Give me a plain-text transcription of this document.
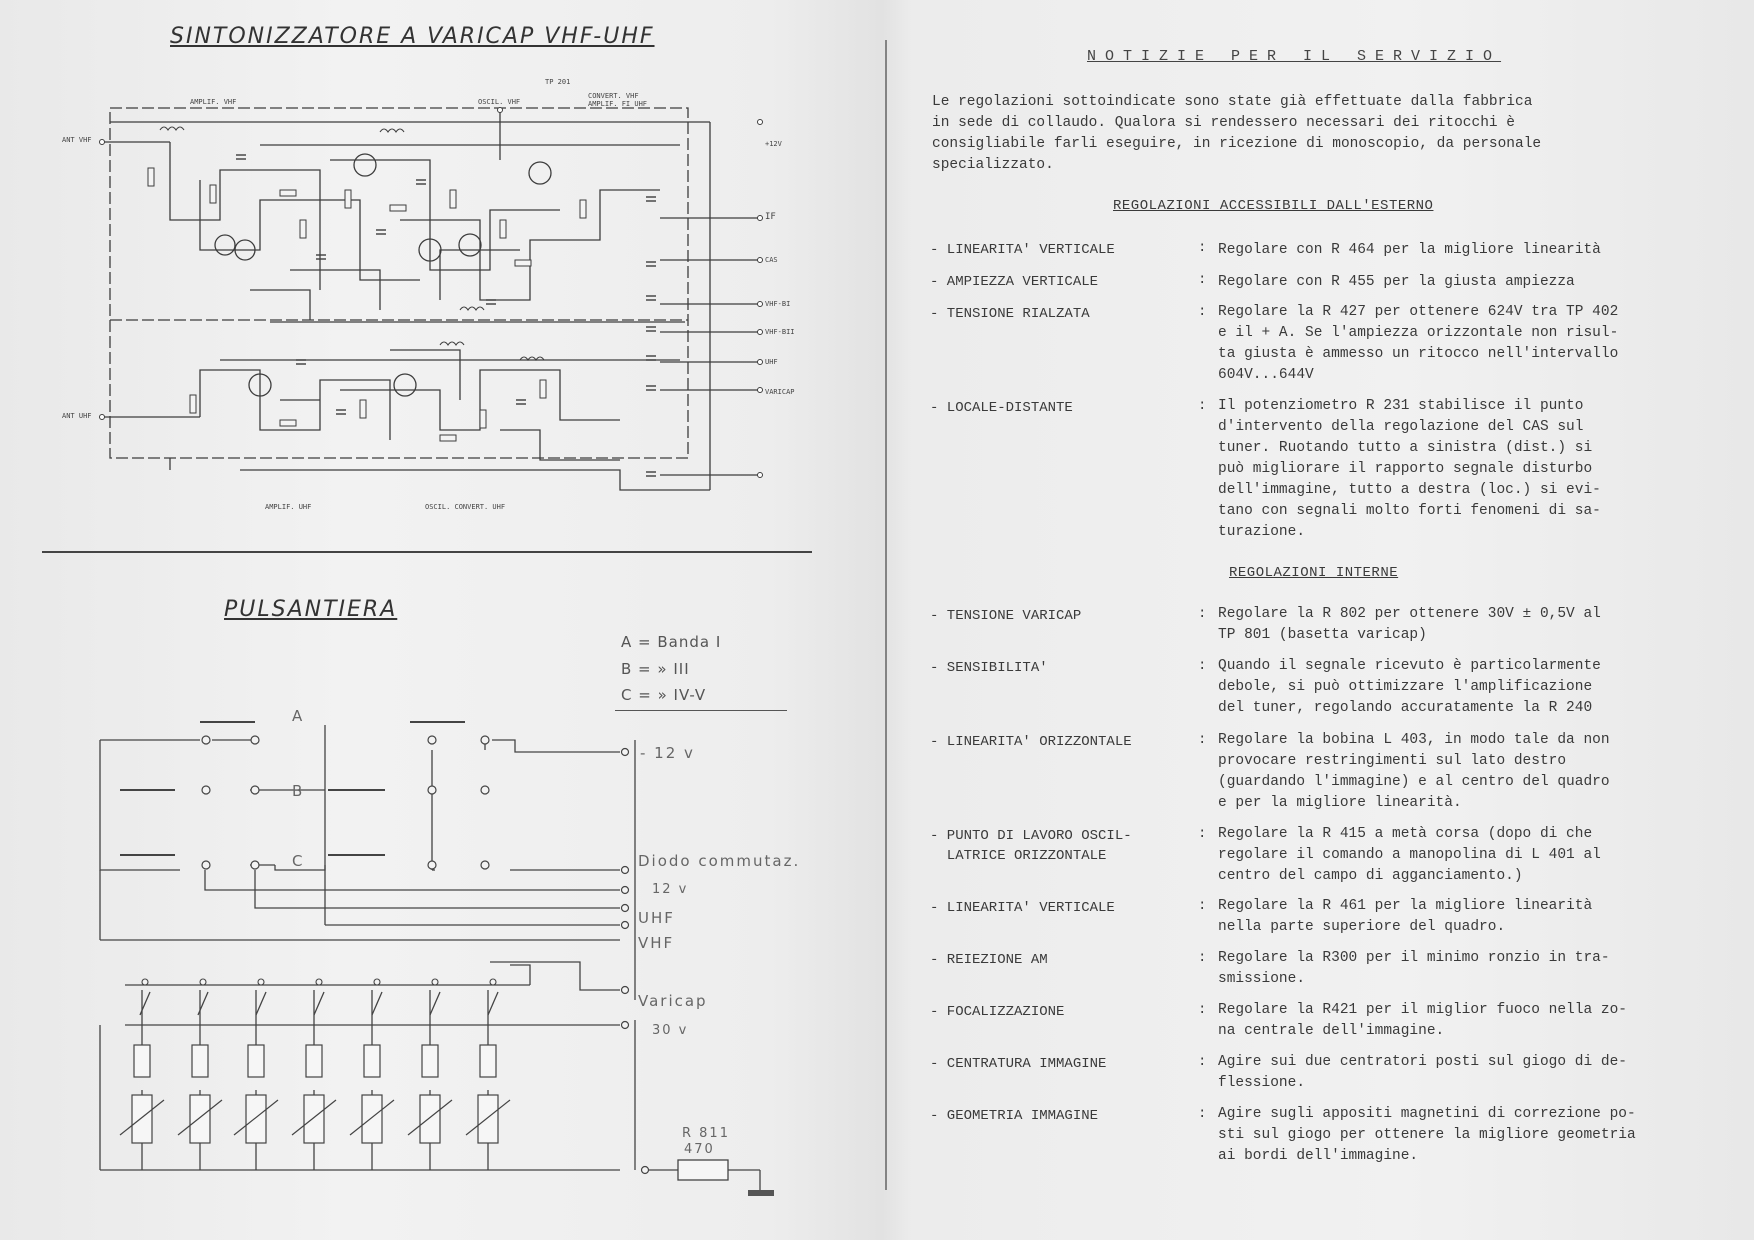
SINTONIZZATORE A VARICAP VHF-UHF
ANT VHF
ANT UHF
AMPLIF. VHF	OSCIL. VHF
TP 201
CONVERT. VHF
AMPLIF. FI UHF
+12V
IF
CAS
VHF-BI
VHF-BII
UHF
VARICAP
AMPLIF. UHF	OSCIL. CONVERT. UHF
PULSANTIERA
A = Banda I
B = » III
C = » IV-V
A
B
C
- 12 v
Diodo commutaz.
12 v
UHF
VHF
Varicap
30 v
R 811
470
NOTIZIE PER IL SERVIZIO
Le regolazioni sottoindicate sono state già effettuate dalla fabbrica
in sede di collaudo. Qualora si rendessero necessari dei ritocchi è
consigliabile farli eseguire, in ricezione di monoscopio, da personale
specializzato.
REGOLAZIONI ACCESSIBILI DALL'ESTERNO
- LINEARITA' VERTICALE	: Regolare con R 464 per la migliore linearità
- AMPIEZZA VERTICALE	: Regolare con R 455 per la giusta ampiezza
- TENSIONE RIALZATA	: Regolare la R 427 per ottenere 624V tra TP 402
e il + A. Se l'ampiezza orizzontale non risul-
ta giusta è ammesso un ritocco nell'intervallo
604V...644V
- LOCALE-DISTANTE	: Il potenziometro R 231 stabilisce il punto
d'intervento della regolazione del CAS sul
tuner. Ruotando tutto a sinistra (dist.) si
può migliorare il rapporto segnale disturbo
dell'immagine, tutto a destra (loc.) si evi-
tano con segnali molto forti fenomeni di sa-
turazione.
REGOLAZIONI INTERNE
- TENSIONE VARICAP	: Regolare la R 802 per ottenere 30V ± 0,5V al
TP 801 (basetta varicap)
- SENSIBILITA'	: Quando il segnale ricevuto è particolarmente
debole, si può ottimizzare l'amplificazione
del tuner, regolando accuratamente la R 240
- LINEARITA' ORIZZONTALE	: Regolare la bobina L 403, in modo tale da non
provocare restringimenti sul lato destro
(guardando l'immagine) e al centro del quadro
e per la migliore linearità.
- PUNTO DI LAVORO OSCIL-
LATRICE ORIZZONTALE
: Regolare la R 415 a metà corsa (dopo di che
regolare il comando a manopolina di L 401 al
centro del campo di agganciamento.)
- LINEARITA' VERTICALE	: Regolare la R 461 per la migliore linearità
nella parte superiore del quadro.
- REIEZIONE AM	: Regolare la R300 per il minimo ronzio in tra-
smissione.
- FOCALIZZAZIONE	: Regolare la R421 per il miglior fuoco nella zo-
na centrale dell'immagine.
- CENTRATURA IMMAGINE	: Agire sui due centratori posti sul giogo di de-
flessione.
- GEOMETRIA IMMAGINE	: Agire sugli appositi magnetini di correzione po-
sti sul giogo per ottenere la migliore geometria
ai bordi dell'immagine.
